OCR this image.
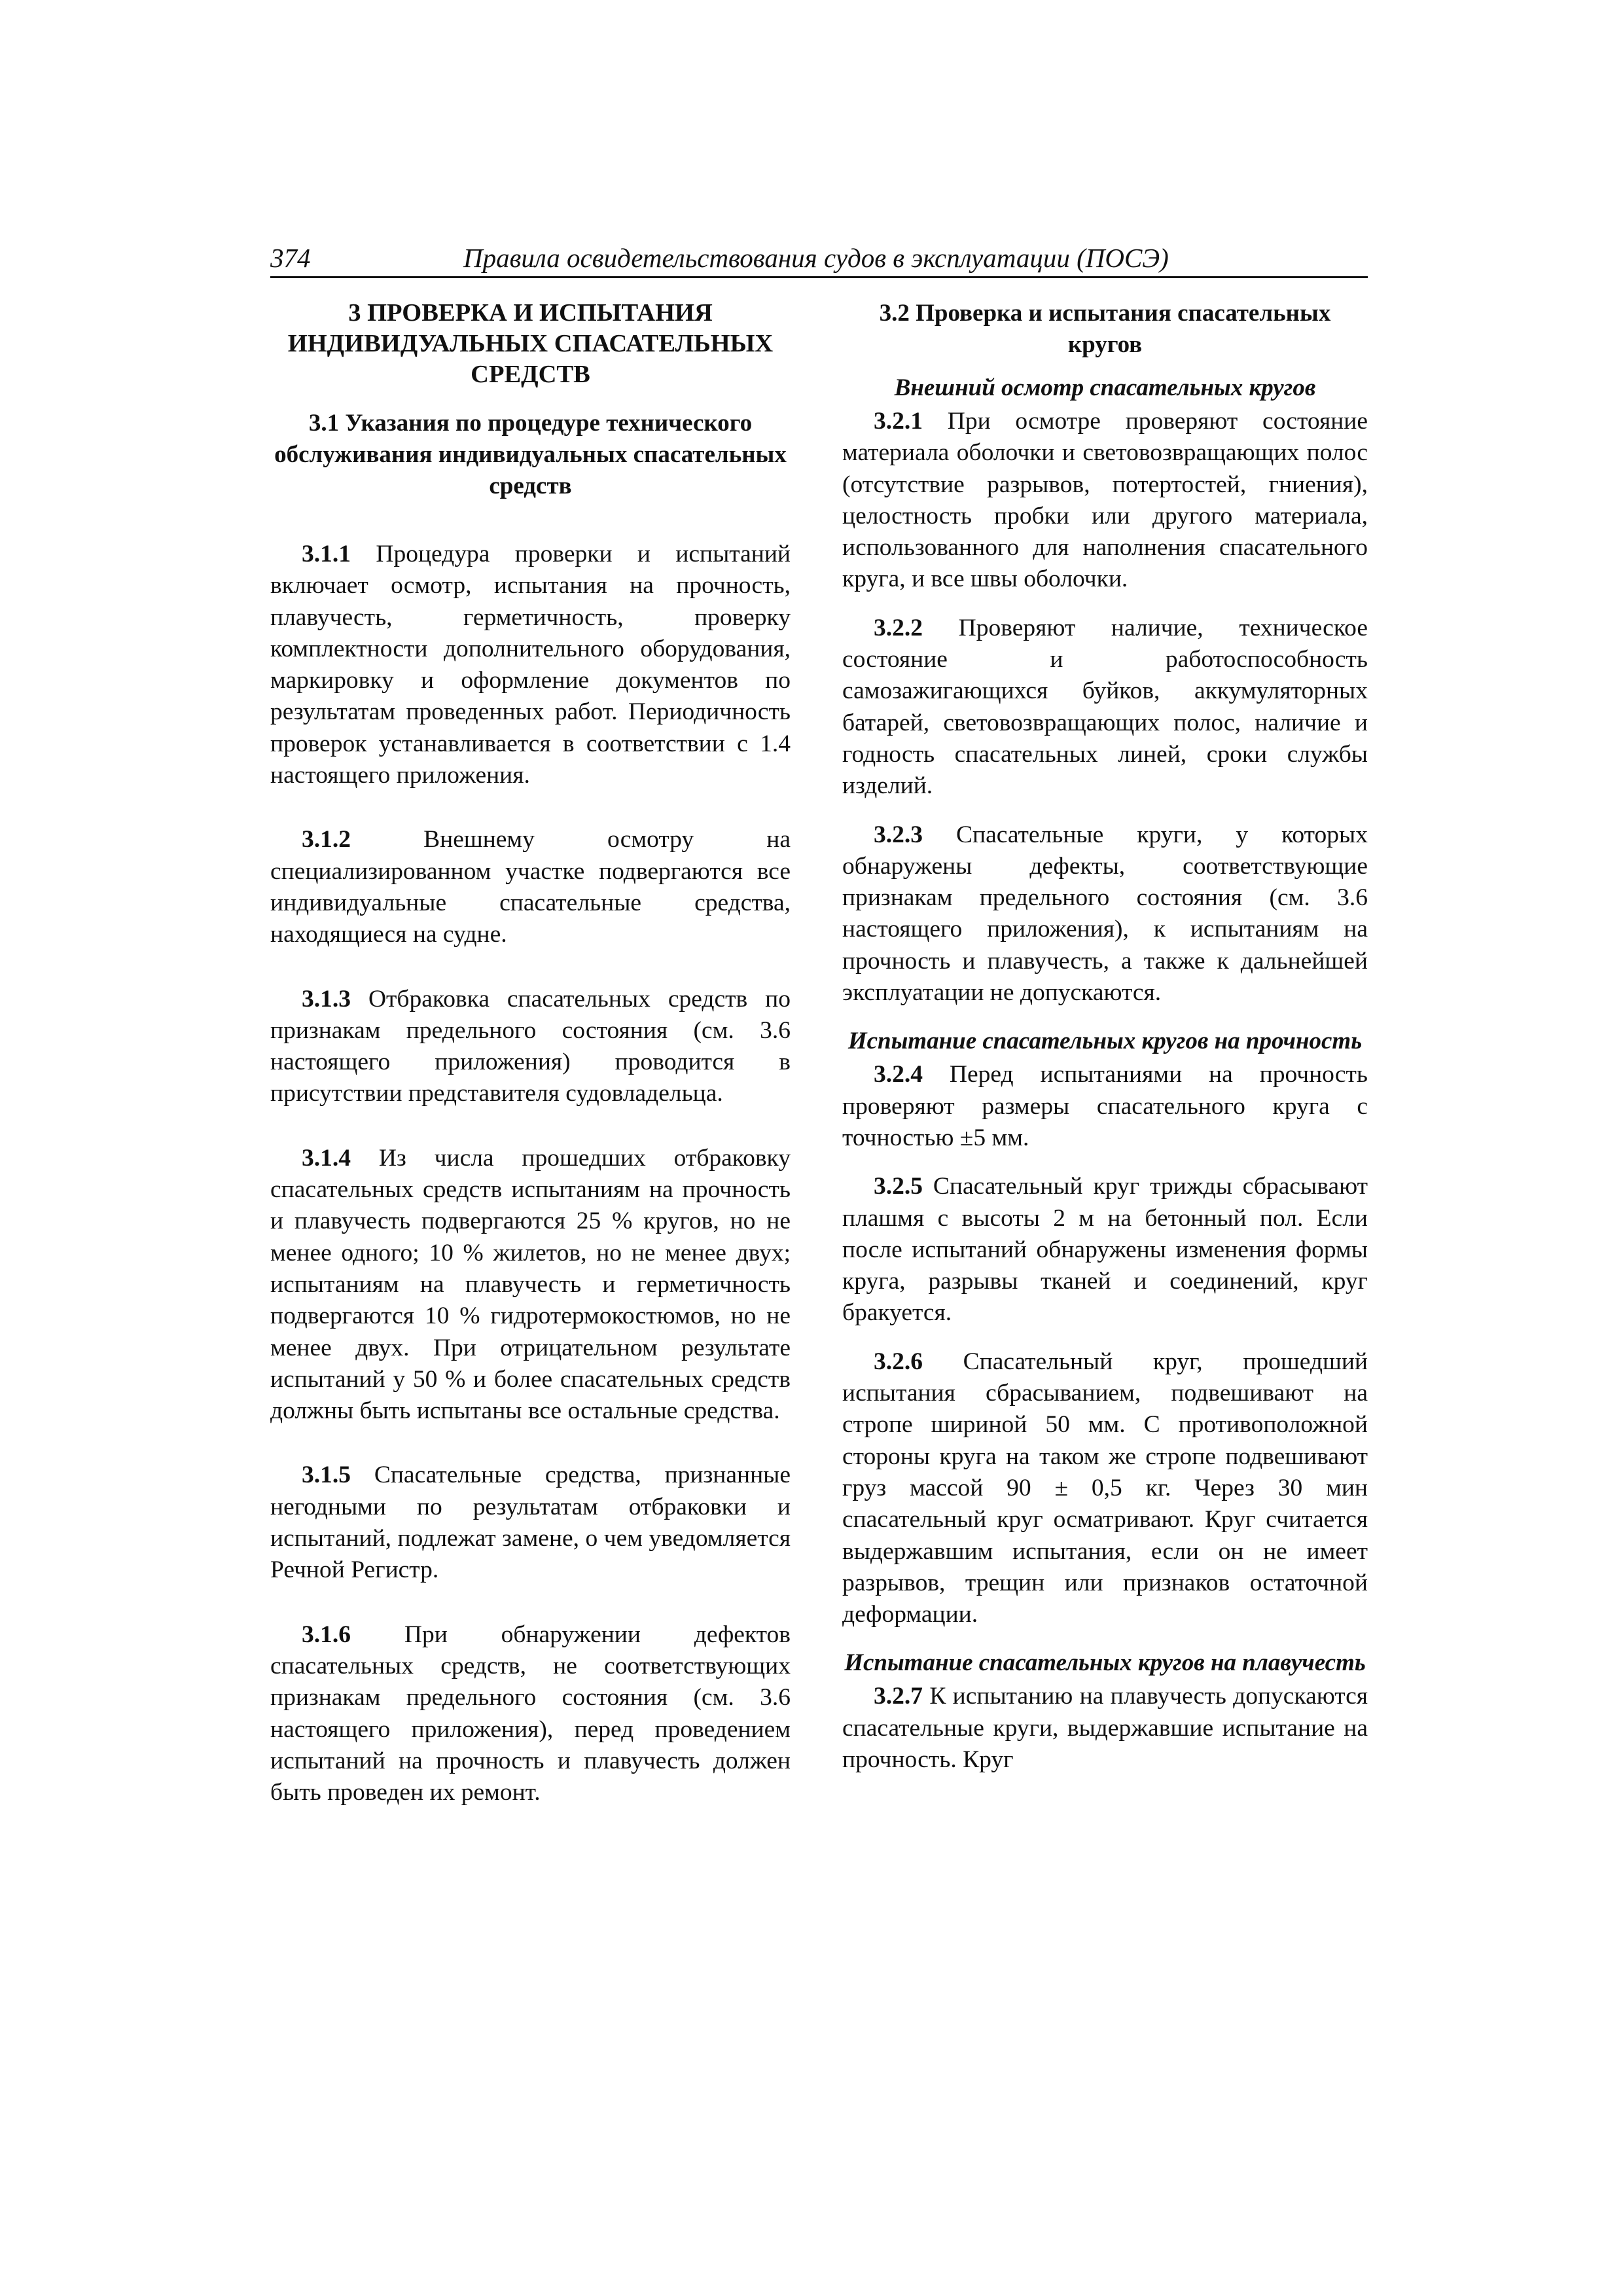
374	Правила освидетельствования судов в эксплуатации (ПОСЭ)
3 ПРОВЕРКА И ИСПЫТАНИЯ ИНДИВИДУАЛЬНЫХ СПАСАТЕЛЬНЫХ СРЕДСТВ
3.1 Указания по процедуре технического обслуживания индивидуальных спасательных средств

3.1.1 Процедура проверки и испытаний включает осмотр, испытания на прочность, плавучесть, герметичность, проверку комплектности дополнительного оборудования, маркировку и оформление документов по результатам проведенных работ. Периодичность проверок устанавливается в соответствии с 1.4 настоящего приложения.

3.1.2	Внешнему осмотру на специализированном участке подвергаются все индивидуальные спасательные средства, находящиеся на судне.

3.1.3 Отбраковка спасательных средств по признакам предельного состояния (см. 3.6 настоящего приложения) проводится в присутствии представителя судовладельца.

3.1.4 Из числа прошедших отбраковку спасательных средств испытаниям на прочность и плавучесть подвергаются 25 % кругов, но не менее одного; 10 % жилетов, но не менее двух; испытаниям на плавучесть и герметичность подвергаются 10 % гидротермокостюмов, но не менее двух. При отрицательном результате испытаний у 50 % и более спасательных средств должны быть испытаны все остальные средства.

3.1.5 Спасательные средства, признанные негодными по результатам отбраковки и испытаний, подлежат замене, о чем уведомляется Речной Регистр.

3.1.6 При обнаружении дефектов спасательных средств, не соответствующих признакам предельного состояния (см. 3.6 настоящего приложения), перед проведением испытаний на прочность и плавучесть должен быть проведен их ремонт.

3.2 Проверка и испытания спасательных кругов
Внешний осмотр спасательных кругов

3.2.1 При осмотре проверяют состояние материала оболочки и световозвращающих полос (отсутствие разрывов, потертостей, гниения), целостность пробки или другого материала, использованного для наполнения спасательного круга, и все швы оболочки.

3.2.2 Проверяют наличие, техническое состояние и работоспособность самозажигающихся буйков, аккумуляторных батарей, световозвращающих полос, наличие и годность спасательных линей, сроки службы изделий.

3.2.3 Спасательные круги, у которых обнаружены дефекты, соответствующие признакам предельного состояния (см. 3.6 настоящего приложения), к испытаниям на прочность и плавучесть, а также к дальнейшей эксплуатации не допускаются.

Испытание спасательных кругов на прочность

3.2.4 Перед испытаниями на прочность проверяют размеры спасательного круга с точностью ±5 мм.

3.2.5 Спасательный круг трижды сбрасывают плашмя с высоты 2 м на бетонный пол. Если после испытаний обнаружены изменения формы круга, разрывы тканей и соединений, круг бракуется.

3.2.6 Спасательный круг, прошедший испытания сбрасыванием, подвешивают на стропе шириной 50 мм. С противоположной стороны круга на таком же стропе подвешивают груз массой 90 ± 0,5 кг. Через 30 мин спасательный круг осматривают. Круг считается выдержавшим испытания, если он не имеет разрывов, трещин или признаков остаточной деформации.

Испытание спасательных кругов на плавучесть

3.2.7 К испытанию на плавучесть допускаются спасательные круги, выдержавшие испытание на прочность. Круг
